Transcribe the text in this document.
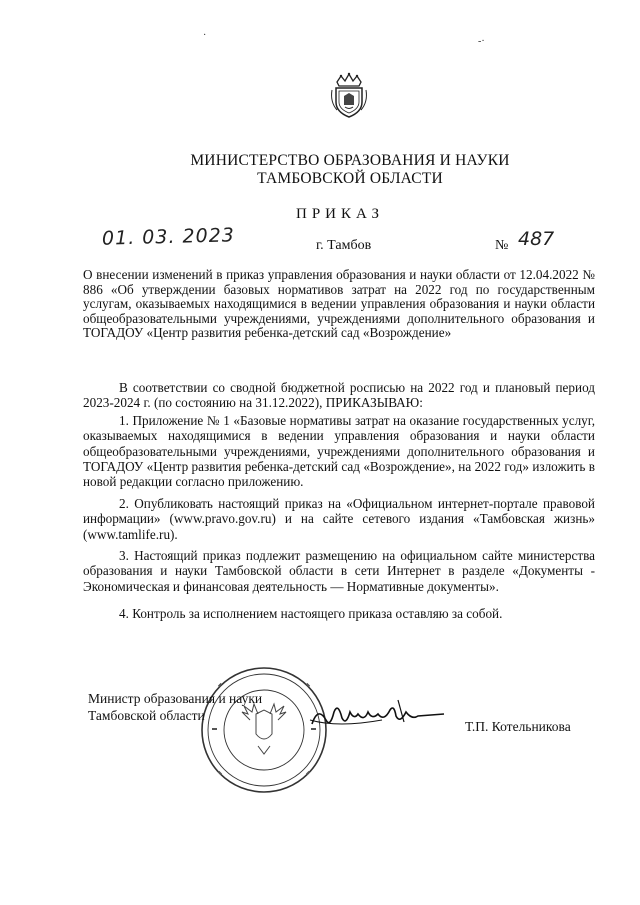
·
-·
МИНИСТЕРСТВО ОБРАЗОВАНИЯ И НАУКИ
ТАМБОВСКОЙ ОБЛАСТИ
ПРИКАЗ
01. 03. 2023	г. Тамбов	№ 487
О внесении изменений в приказ управления образования и науки области от 12.04.2022 № 886 «Об утверждении базовых нормативов затрат на 2022 год по государственным услугам, оказываемых находящимися в ведении управления образования и науки области общеобразовательными учреждениями, учреждениями дополнительного образования и ТОГАДОУ «Центр развития ребенка-детский сад «Возрождение»

В соответствии со сводной бюджетной росписью на 2022 год и плановый период 2023-2024 г. (по состоянию на 31.12.2022), ПРИКАЗЫВАЮ:

1. Приложение № 1 «Базовые нормативы затрат на оказание государственных услуг, оказываемых находящимися в ведении управления образования и науки области общеобразовательными учреждениями, учреждениями дополнительного образования и ТОГАДОУ «Центр развития ребенка-детский сад «Возрождение», на 2022 год» изложить в новой редакции согласно приложению.

2. Опубликовать настоящий приказ на «Официальном интернет-портале правовой информации» (www.pravo.gov.ru) и на сайте сетевого издания «Тамбовская жизнь» (www.tamlife.ru).

3. Настоящий приказ подлежит размещению на официальном сайте министерства образования и науки Тамбовской области в сети Интернет в разделе «Документы - Экономическая и финансовая деятельность — Нормативные документы».

4. Контроль за исполнением настоящего приказа оставляю за собой.

Министр образования и науки
Тамбовской области
Т.П. Котельникова
